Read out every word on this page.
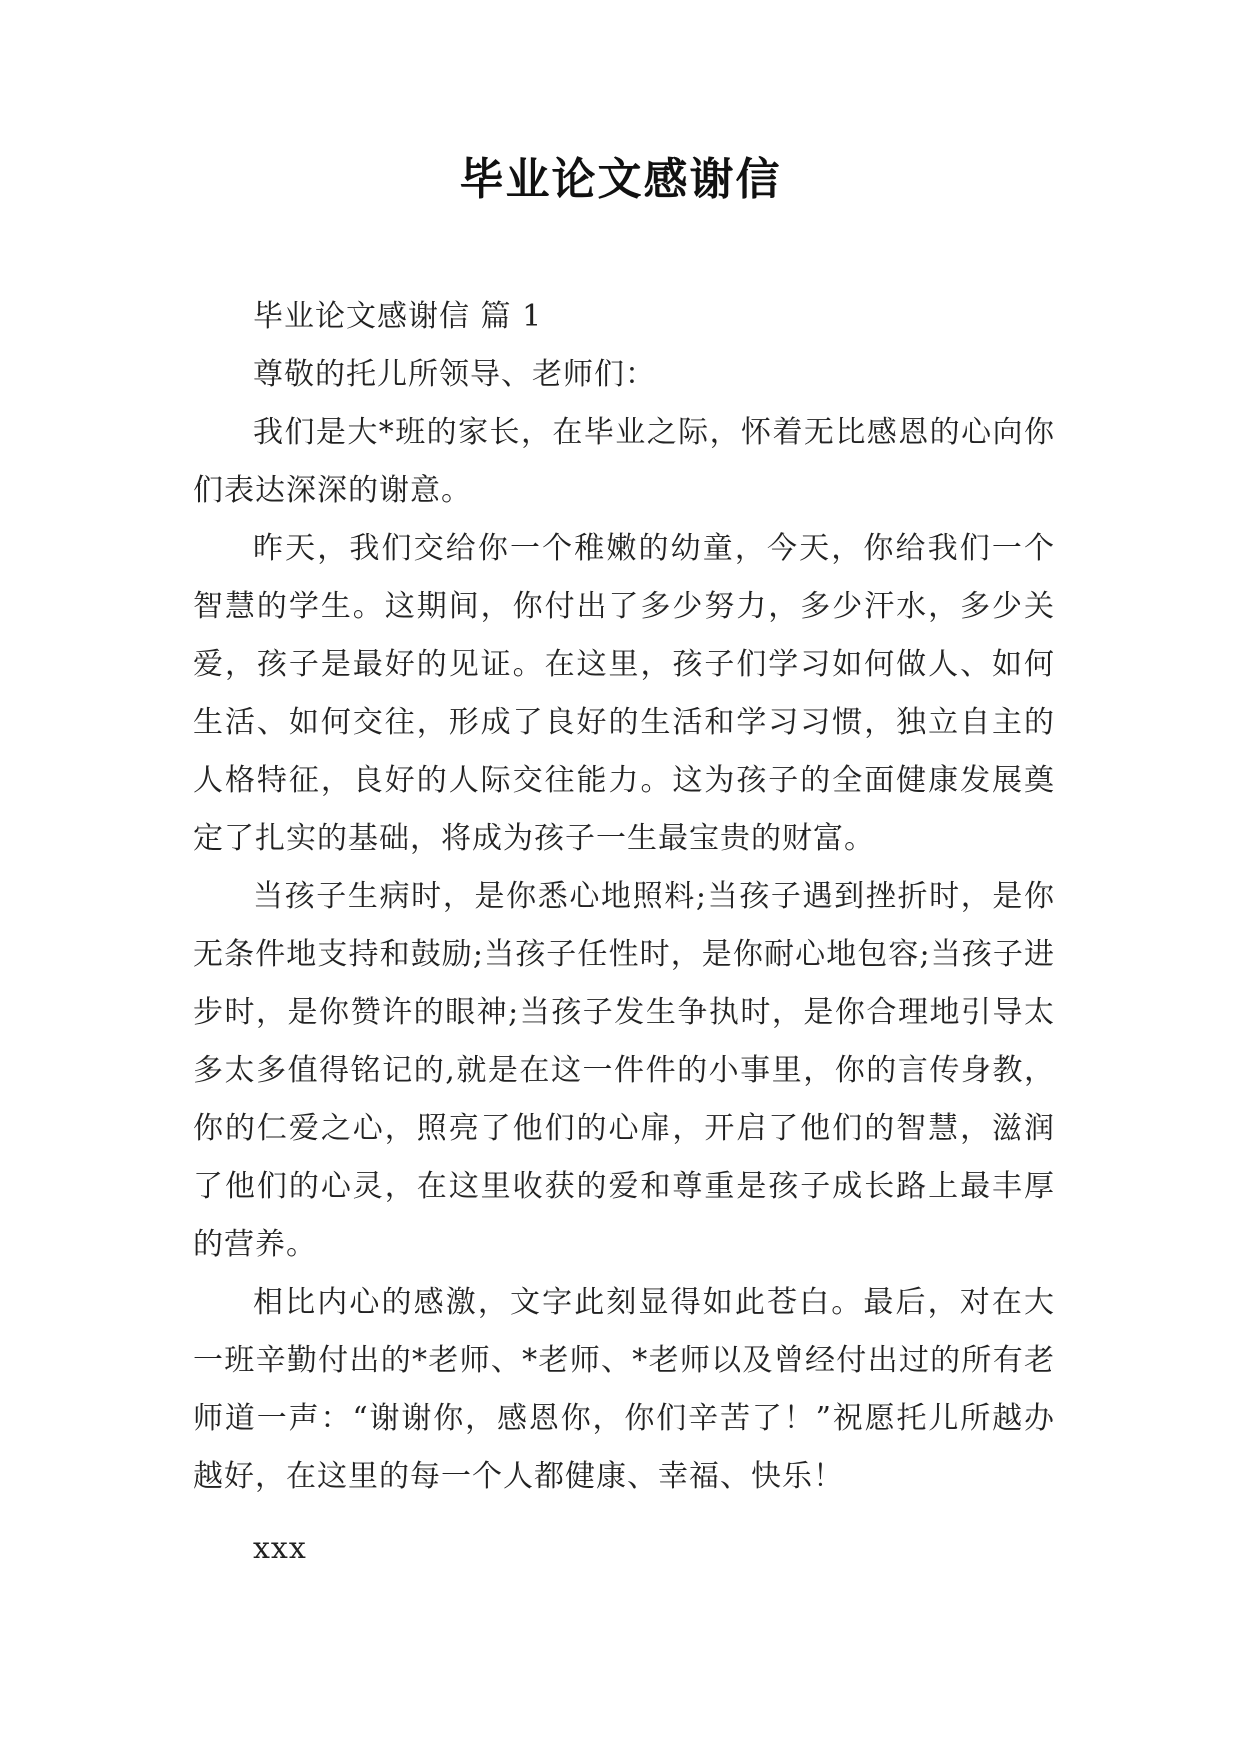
毕业论文感谢信

毕业论文感谢信 篇 1

尊敬的托儿所领导、老师们：

我们是大*班的家长，在毕业之际，怀着无比感恩的心向你们表达深深的谢意。

昨天，我们交给你一个稚嫩的幼童，今天，你给我们一个智慧的学生。这期间，你付出了多少努力，多少汗水，多少关爱，孩子是最好的见证。在这里，孩子们学习如何做人、如何生活、如何交往，形成了良好的生活和学习习惯，独立自主的人格特征，良好的人际交往能力。这为孩子的全面健康发展奠定了扎实的基础，将成为孩子一生最宝贵的财富。

当孩子生病时，是你悉心地照料;当孩子遇到挫折时，是你无条件地支持和鼓励;当孩子任性时，是你耐心地包容;当孩子进步时，是你赞许的眼神;当孩子发生争执时，是你合理地引导太多太多值得铭记的,就是在这一件件的小事里，你的言传身教，你的仁爱之心，照亮了他们的心扉，开启了他们的智慧，滋润了他们的心灵，在这里收获的爱和尊重是孩子成长路上最丰厚的营养。

相比内心的感激，文字此刻显得如此苍白。最后，对在大一班辛勤付出的*老师、*老师、*老师以及曾经付出过的所有老师道一声：“谢谢你，感恩你，你们辛苦了！”祝愿托儿所越办越好，在这里的每一个人都健康、幸福、快乐！

xxx
